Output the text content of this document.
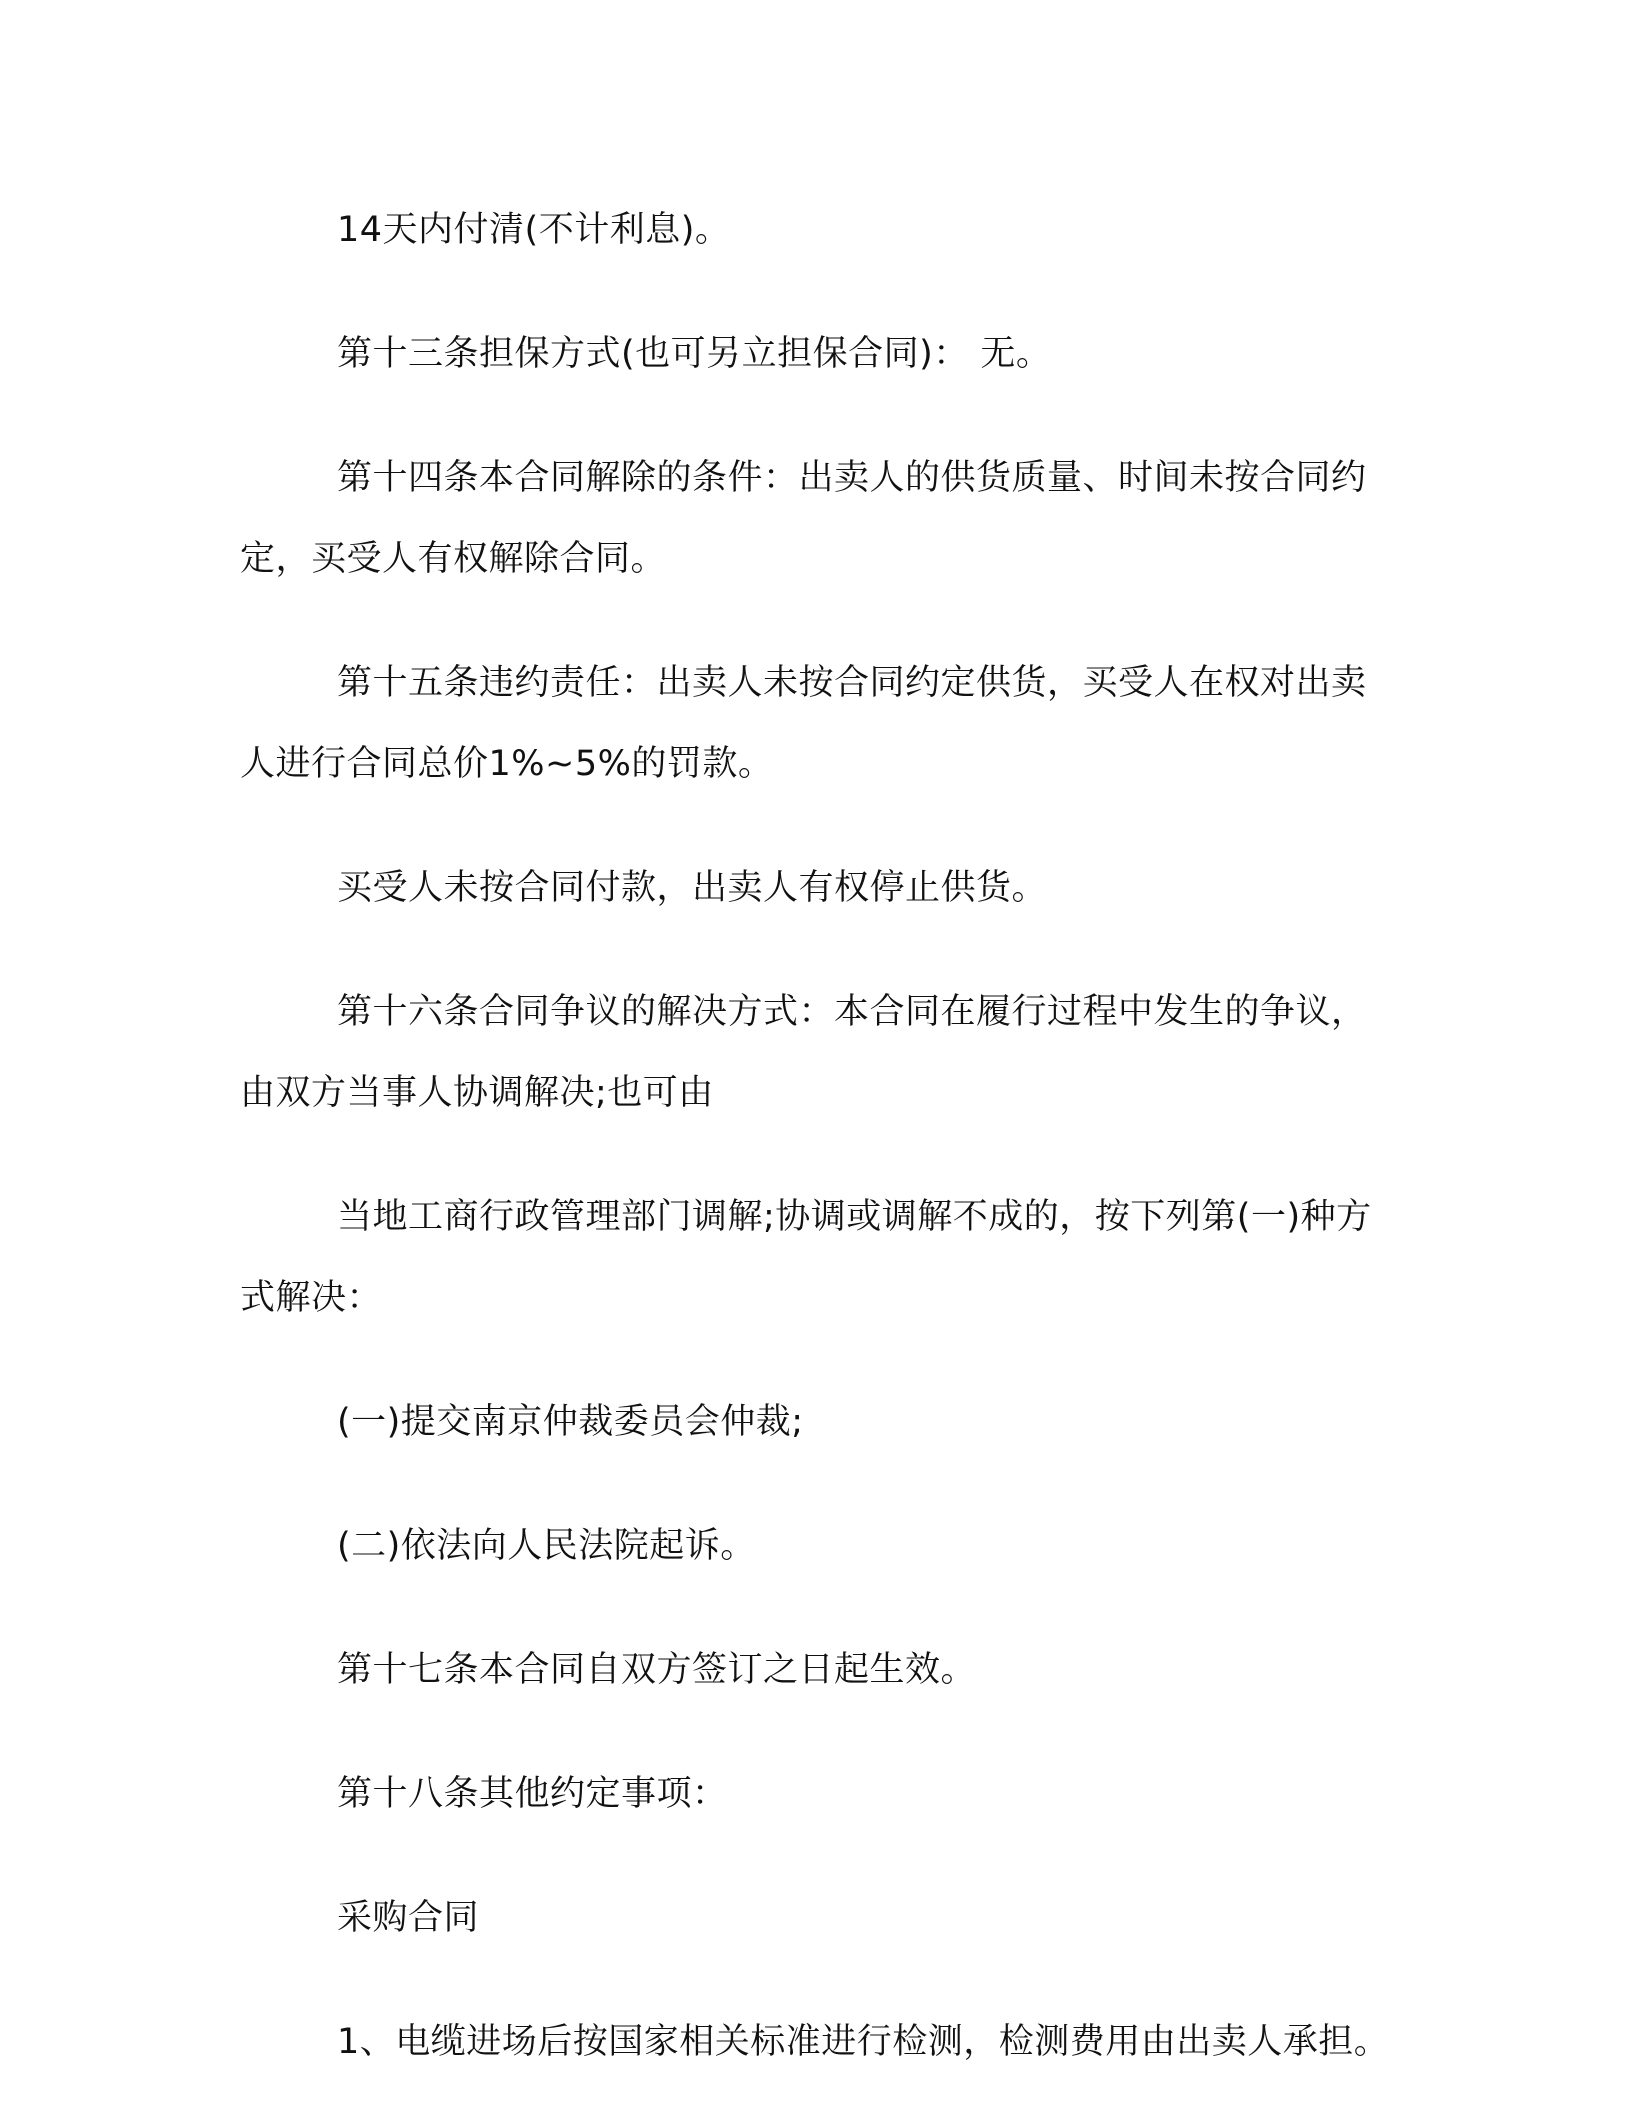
14天内付清(不计利息)。

第十三条担保方式(也可另立担保合同)： 无。

第十四条本合同解除的条件：出卖人的供货质量、时间未按合同约定，买受人有权解除合同。

第十五条违约责任：出卖人未按合同约定供货，买受人在权对出卖人进行合同总价1%~5%的罚款。

买受人未按合同付款，出卖人有权停止供货。

第十六条合同争议的解决方式：本合同在履行过程中发生的争议，由双方当事人协调解决;也可由

当地工商行政管理部门调解;协调或调解不成的，按下列第(一)种方式解决：

(一)提交南京仲裁委员会仲裁;

(二)依法向人民法院起诉。

第十七条本合同自双方签订之日起生效。

第十八条其他约定事项：

采购合同

1、电缆进场后按国家相关标准进行检测，检测费用由出卖人承担。
